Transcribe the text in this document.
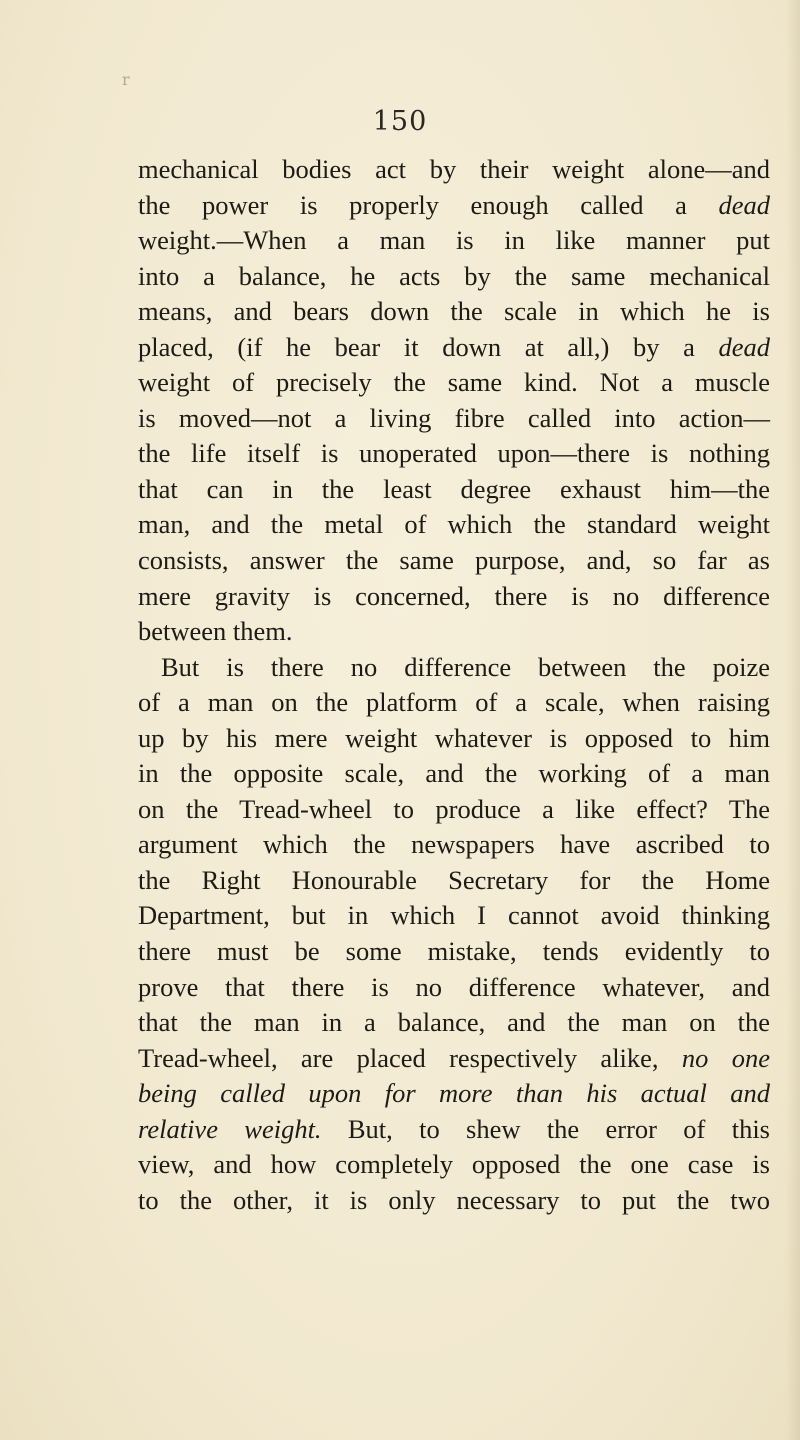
r
150
mechanical bodies act by their weight alone—and
the power is properly enough called a dead
weight.—When a man is in like manner put
into a balance, he acts by the same mechanical
means, and bears down the scale in which he is
placed, (if he bear it down at all,) by a dead
weight of precisely the same kind. Not a muscle
is moved—not a living fibre called into action—
the life itself is unoperated upon—there is nothing
that can in the least degree exhaust him—the
man, and the metal of which the standard weight
consists, answer the same purpose, and, so far as
mere gravity is concerned, there is no difference
between them.
But is there no difference between the poize
of a man on the platform of a scale, when raising
up by his mere weight whatever is opposed to him
in the opposite scale, and the working of a man
on the Tread-wheel to produce a like effect? The
argument which the newspapers have ascribed to
the Right Honourable Secretary for the Home
Department, but in which I cannot avoid thinking
there must be some mistake, tends evidently to
prove that there is no difference whatever, and
that the man in a balance, and the man on the
Tread-wheel, are placed respectively alike, no one
being called upon for more than his actual and
relative weight. But, to shew the error of this
view, and how completely opposed the one case is
to the other, it is only necessary to put the two
